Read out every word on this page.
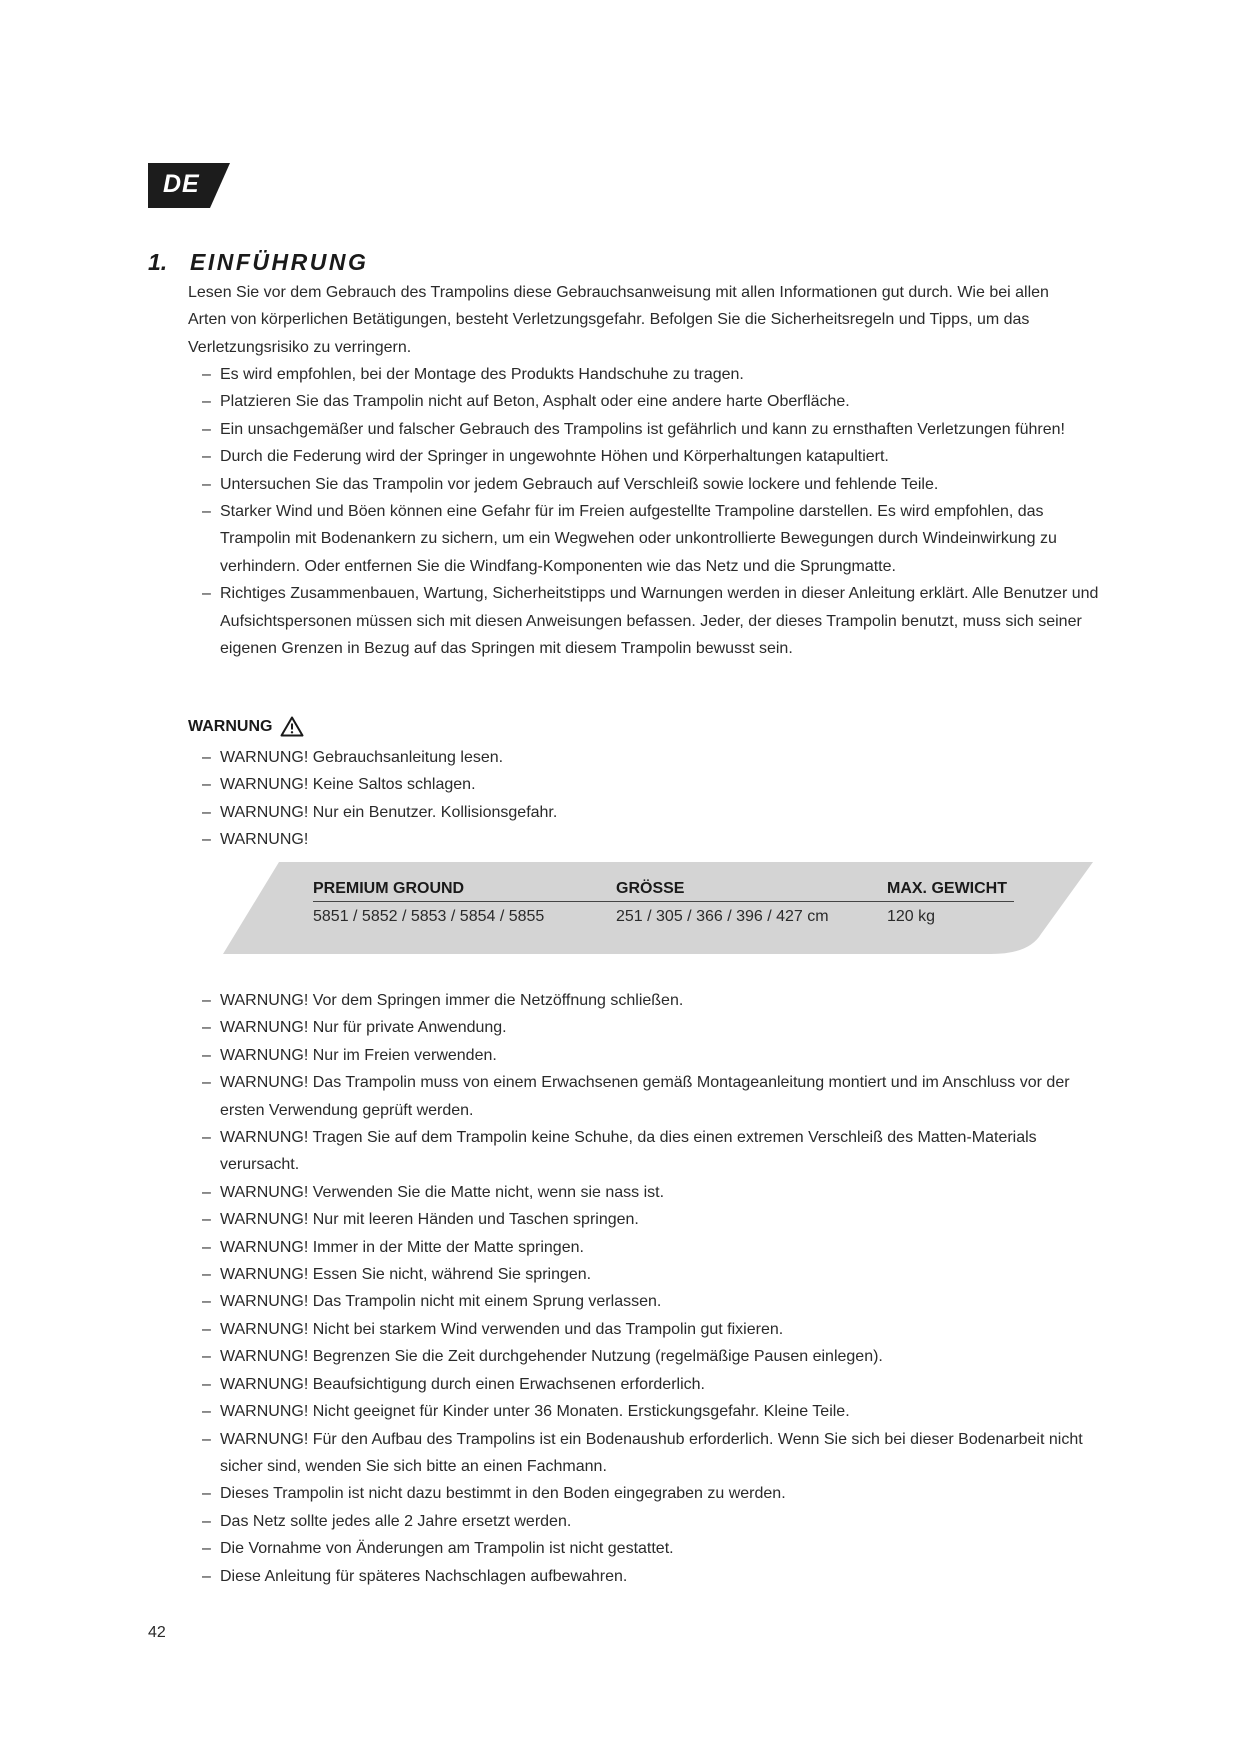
DE
1. EINFÜHRUNG
Lesen Sie vor dem Gebrauch des Trampolins diese Gebrauchsanweisung mit allen Informationen gut durch. Wie bei allen
Arten von körperlichen Betätigungen, besteht Verletzungsgefahr. Befolgen Sie die Sicherheitsregeln und Tipps, um das
Verletzungsrisiko zu verringern.
– Es wird empfohlen, bei der Montage des Produkts Handschuhe zu tragen.
– Platzieren Sie das Trampolin nicht auf Beton, Asphalt oder eine andere harte Oberfläche.
– Ein unsachgemäßer und falscher Gebrauch des Trampolins ist gefährlich und kann zu ernsthaften Verletzungen führen!
– Durch die Federung wird der Springer in ungewohnte Höhen und Körperhaltungen katapultiert.
– Untersuchen Sie das Trampolin vor jedem Gebrauch auf Verschleiß sowie lockere und fehlende Teile.
– Starker Wind und Böen können eine Gefahr für im Freien aufgestellte Trampoline darstellen. Es wird empfohlen, das Trampolin mit Bodenankern zu sichern, um ein Wegwehen oder unkontrollierte Bewegungen durch Windeinwirkung zu verhindern. Oder entfernen Sie die Windfang-Komponenten wie das Netz und die Sprungmatte.
– Richtiges Zusammenbauen, Wartung, Sicherheitstipps und Warnungen werden in dieser Anleitung erklärt. Alle Benutzer und Aufsichtspersonen müssen sich mit diesen Anweisungen befassen. Jeder, der dieses Trampolin benutzt, muss sich seiner eigenen Grenzen in Bezug auf das Springen mit diesem Trampolin bewusst sein.
WARNUNG
– WARNUNG! Gebrauchsanleitung lesen.
– WARNUNG! Keine Saltos schlagen.
– WARNUNG! Nur ein Benutzer. Kollisionsgefahr.
– WARNUNG!
PREMIUM GROUND	GRÖSSE	MAX. GEWICHT
5851 / 5852 / 5853 / 5854 / 5855	251 / 305 / 366 / 396 / 427 cm	120 kg
– WARNUNG! Vor dem Springen immer die Netzöffnung schließen.
– WARNUNG! Nur für private Anwendung.
– WARNUNG! Nur im Freien verwenden.
– WARNUNG! Das Trampolin muss von einem Erwachsenen gemäß Montageanleitung montiert und im Anschluss vor der ersten Verwendung geprüft werden.
– WARNUNG! Tragen Sie auf dem Trampolin keine Schuhe, da dies einen extremen Verschleiß des Matten-Materials verursacht.
– WARNUNG! Verwenden Sie die Matte nicht, wenn sie nass ist.
– WARNUNG! Nur mit leeren Händen und Taschen springen.
– WARNUNG! Immer in der Mitte der Matte springen.
– WARNUNG! Essen Sie nicht, während Sie springen.
– WARNUNG! Das Trampolin nicht mit einem Sprung verlassen.
– WARNUNG! Nicht bei starkem Wind verwenden und das Trampolin gut fixieren.
– WARNUNG! Begrenzen Sie die Zeit durchgehender Nutzung (regelmäßige Pausen einlegen).
– WARNUNG! Beaufsichtigung durch einen Erwachsenen erforderlich.
– WARNUNG! Nicht geeignet für Kinder unter 36 Monaten. Erstickungsgefahr. Kleine Teile.
– WARNUNG! Für den Aufbau des Trampolins ist ein Bodenaushub erforderlich. Wenn Sie sich bei dieser Bodenarbeit nicht sicher sind, wenden Sie sich bitte an einen Fachmann.
– Dieses Trampolin ist nicht dazu bestimmt in den Boden eingegraben zu werden.
– Das Netz sollte jedes alle 2 Jahre ersetzt werden.
– Die Vornahme von Änderungen am Trampolin ist nicht gestattet.
– Diese Anleitung für späteres Nachschlagen aufbewahren.
42
